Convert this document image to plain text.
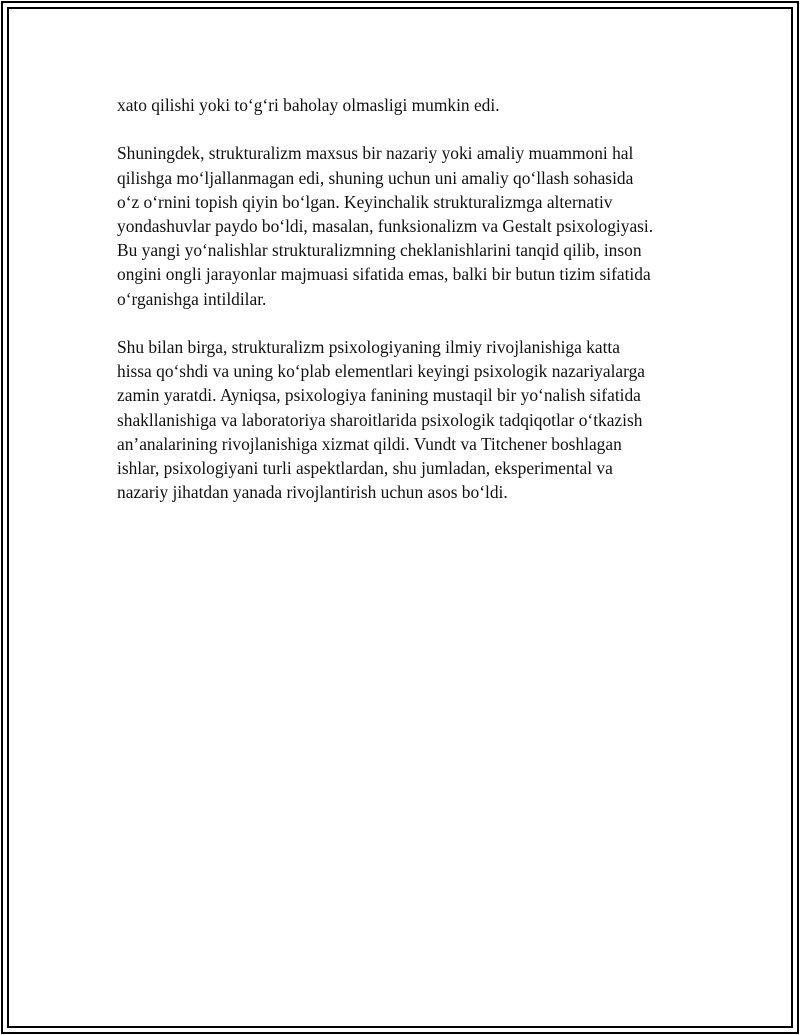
xato qilishi yoki to‘g‘ri baholay olmasligi mumkin edi.

Shuningdek, strukturalizm maxsus bir nazariy yoki amaliy muammoni hal
qilishga mo‘ljallanmagan edi, shuning uchun uni amaliy qo‘llash sohasida
o‘z o‘rnini topish qiyin bo‘lgan. Keyinchalik strukturalizmga alternativ
yondashuvlar paydo bo‘ldi, masalan, funksionalizm va Gestalt psixologiyasi.
Bu yangi yo‘nalishlar strukturalizmning cheklanishlarini tanqid qilib, inson
ongini ongli jarayonlar majmuasi sifatida emas, balki bir butun tizim sifatida
o‘rganishga intildilar.

Shu bilan birga, strukturalizm psixologiyaning ilmiy rivojlanishiga katta
hissa qo‘shdi va uning ko‘plab elementlari keyingi psixologik nazariyalarga
zamin yaratdi. Ayniqsa, psixologiya fanining mustaqil bir yo‘nalish sifatida
shakllanishiga va laboratoriya sharoitlarida psixologik tadqiqotlar o‘tkazish
an’analarining rivojlanishiga xizmat qildi. Vundt va Titchener boshlagan
ishlar, psixologiyani turli aspektlardan, shu jumladan, eksperimental va
nazariy jihatdan yanada rivojlantirish uchun asos bo‘ldi.
